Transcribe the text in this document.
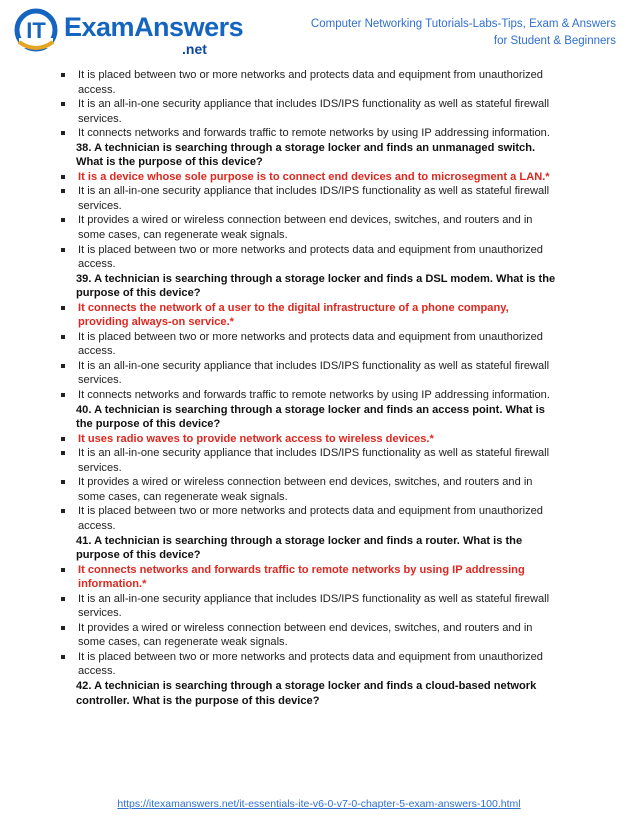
IT ExamAnswers
.net
Computer Networking Tutorials-Labs-Tips, Exam & Answers
for Student & Beginners
It is placed between two or more networks and protects data and equipment from unauthorized access.
It is an all-in-one security appliance that includes IDS/IPS functionality as well as stateful firewall services.
It connects networks and forwards traffic to remote networks by using IP addressing information.
38. A technician is searching through a storage locker and finds an unmanaged switch. What is the purpose of this device?
It is a device whose sole purpose is to connect end devices and to microsegment a LAN.*
It is an all-in-one security appliance that includes IDS/IPS functionality as well as stateful firewall services.
It provides a wired or wireless connection between end devices, switches, and routers and in some cases, can regenerate weak signals.
It is placed between two or more networks and protects data and equipment from unauthorized access.
39. A technician is searching through a storage locker and finds a DSL modem. What is the purpose of this device?
It connects the network of a user to the digital infrastructure of a phone company, providing always-on service.*
It is placed between two or more networks and protects data and equipment from unauthorized access.
It is an all-in-one security appliance that includes IDS/IPS functionality as well as stateful firewall services.
It connects networks and forwards traffic to remote networks by using IP addressing information.
40. A technician is searching through a storage locker and finds an access point. What is the purpose of this device?
It uses radio waves to provide network access to wireless devices.*
It is an all-in-one security appliance that includes IDS/IPS functionality as well as stateful firewall services.
It provides a wired or wireless connection between end devices, switches, and routers and in some cases, can regenerate weak signals.
It is placed between two or more networks and protects data and equipment from unauthorized access.
41. A technician is searching through a storage locker and finds a router. What is the purpose of this device?
It connects networks and forwards traffic to remote networks by using IP addressing information.*
It is an all-in-one security appliance that includes IDS/IPS functionality as well as stateful firewall services.
It provides a wired or wireless connection between end devices, switches, and routers and in some cases, can regenerate weak signals.
It is placed between two or more networks and protects data and equipment from unauthorized access.
42. A technician is searching through a storage locker and finds a cloud-based network controller. What is the purpose of this device?
https://itexamanswers.net/it-essentials-ite-v6-0-v7-0-chapter-5-exam-answers-100.html
